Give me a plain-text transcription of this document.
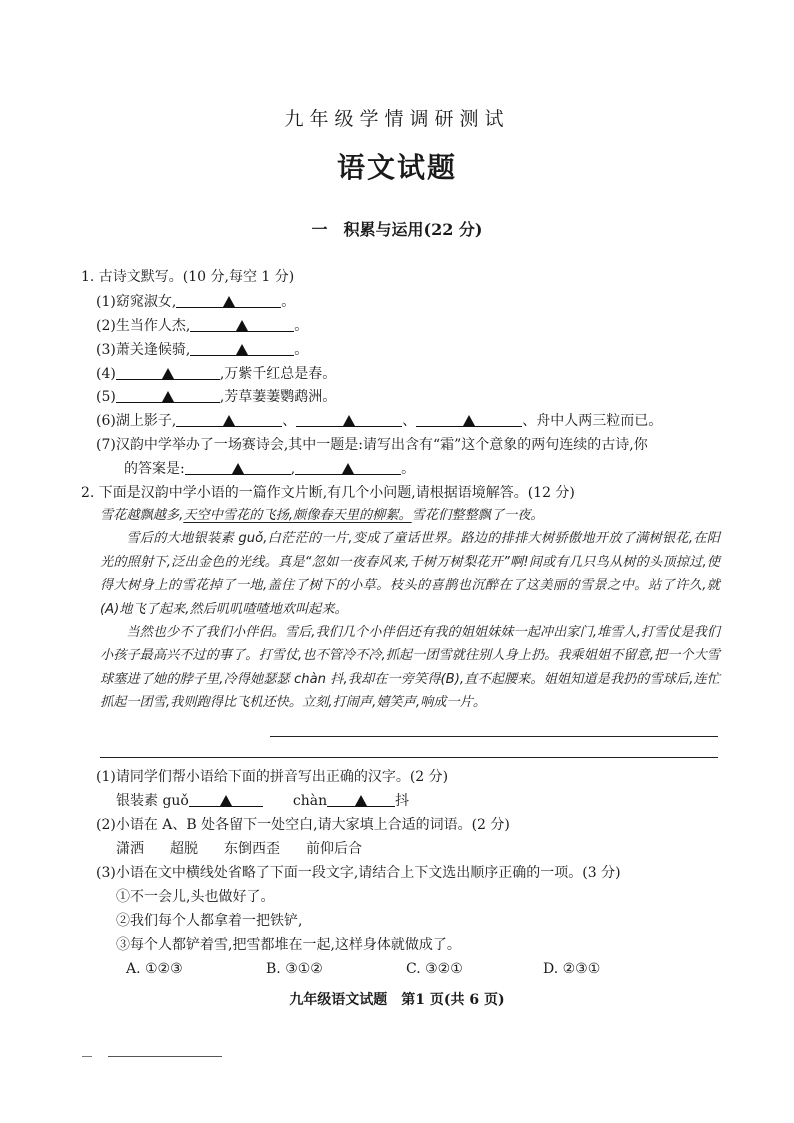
九年级学情调研测试
语文试题
一　积累与运用(22 分)
1. 古诗文默写。(10 分,每空 1 分)
(1)窈窕淑女,	。
(2)生当作人杰,	。
(3)萧关逢候骑,	。
(4)	,万紫千红总是春。
(5)	,芳草萋萋鹦鹉洲。
(6)湖上影子,	、	、	、舟中人两三粒而已。
(7)汉韵中学举办了一场赛诗会,其中一题是:请写出含有“霜”这个意象的两句连续的古诗,你
的答案是:	,	。
2. 下面是汉韵中学小语的一篇作文片断,有几个小问题,请根据语境解答。(12 分)

雪花越飘越多,天空中雪花的飞扬,颇像春天里的柳絮。雪花们整整飘了一夜。

雪后的大地银装素 guǒ,白茫茫的一片,变成了童话世界。路边的排排大树骄傲地开放了满树银花,在阳光的照射下,泛出金色的光线。真是“忽如一夜春风来,千树万树梨花开”啊!间或有几只鸟从树的头顶掠过,使得大树身上的雪花掉了一地,盖住了树下的小草。枝头的喜鹊也沉醉在了这美丽的雪景之中。站了许久,就(A)地飞了起来,然后叽叽喳喳地欢叫起来。

当然也少不了我们小伴侣。雪后,我们几个小伴侣还有我的姐姐妹妹一起冲出家门,堆雪人,打雪仗是我们小孩子最高兴不过的事了。打雪仗,也不管冷不冷,抓起一团雪就往别人身上扔。我乘姐姐不留意,把一个大雪球塞进了她的脖子里,冷得她瑟瑟 chàn 抖,我却在一旁笑得(B),直不起腰来。姐姐知道是我扔的雪球后,连忙抓起一团雪,我则跑得比飞机还快。立刻,打闹声,嬉笑声,响成一片。

(1)请同学们帮小语给下面的拼音写出正确的汉字。(2 分)
银装素 guǒ	chàn	抖
(2)小语在 A、B 处各留下一处空白,请大家填上合适的词语。(2 分)
潇洒 超脱 东倒西歪 前仰后合
(3)小语在文中横线处省略了下面一段文字,请结合上下文选出顺序正确的一项。(3 分)
①不一会儿,头也做好了。
②我们每个人都拿着一把铁铲,
③每个人都铲着雪,把雪都堆在一起,这样身体就做成了。
A. ①②③	B. ③①②	C. ③②①	D. ②③①
九年级语文试题　第1 页(共 6 页)
